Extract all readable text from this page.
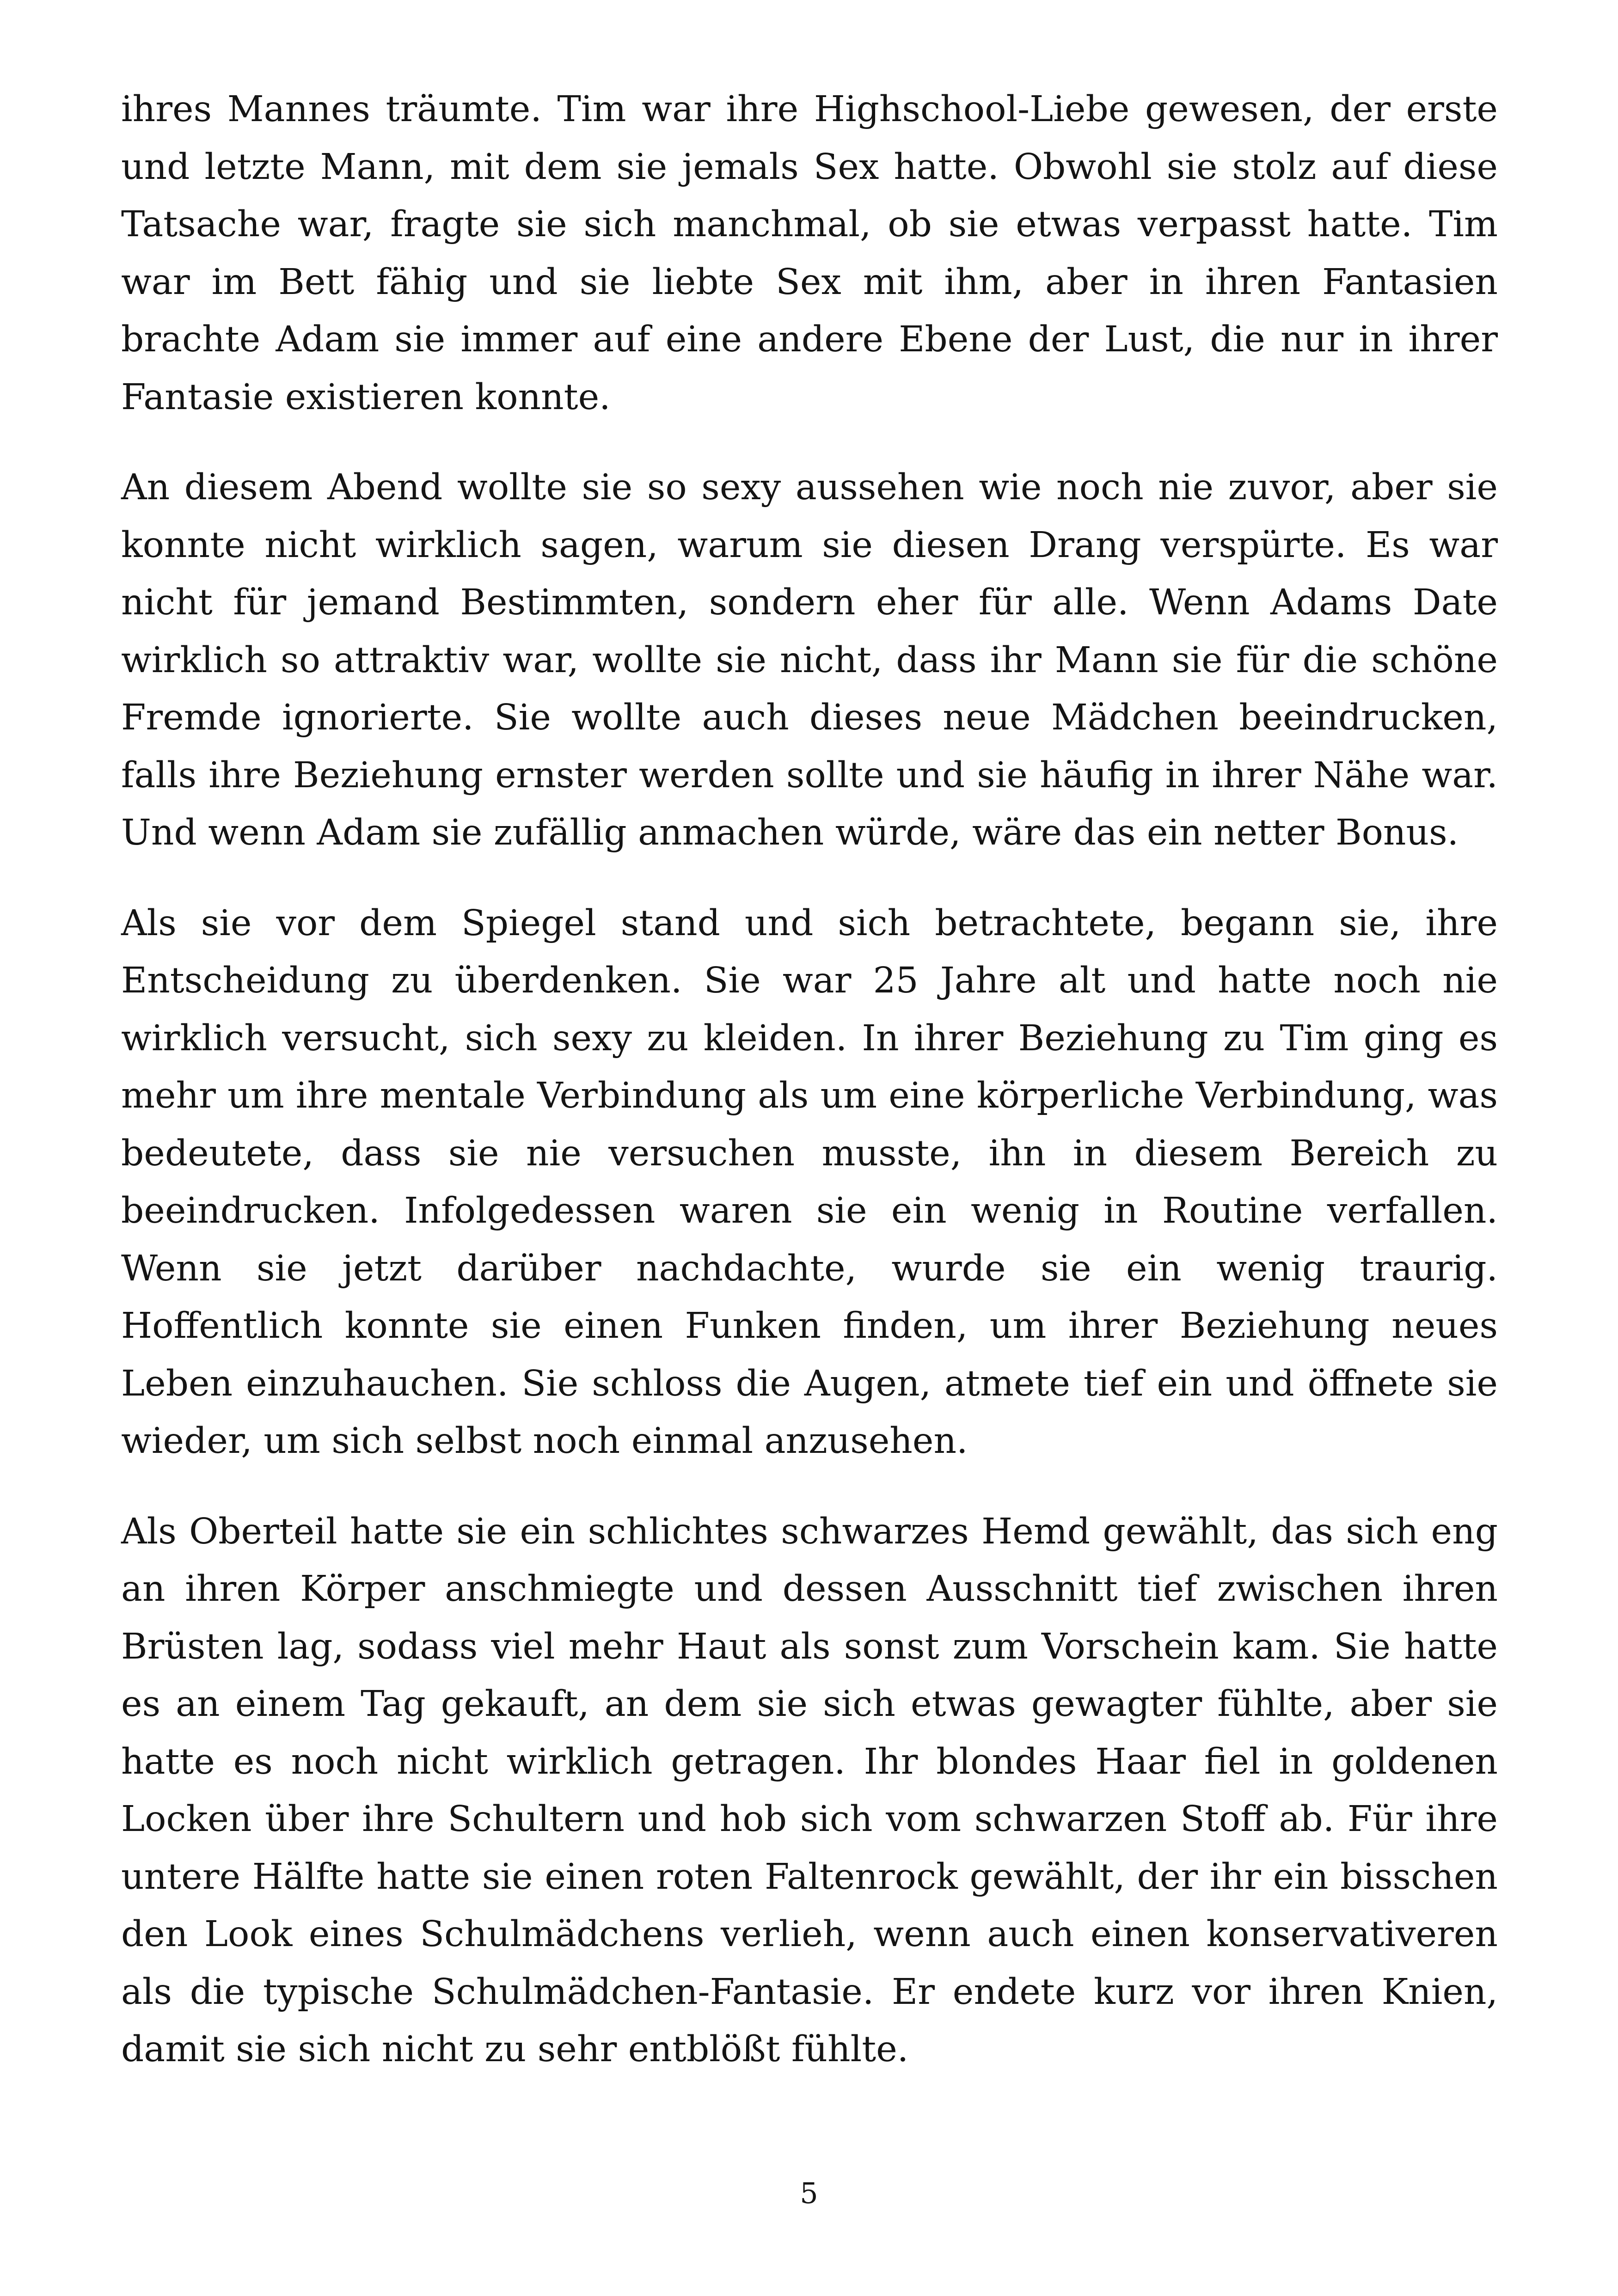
ihres Mannes träumte. Tim war ihre Highschool-Liebe gewesen, der erste und letzte Mann, mit dem sie jemals Sex hatte. Obwohl sie stolz auf diese Tatsache war, fragte sie sich manchmal, ob sie etwas verpasst hatte. Tim war im Bett fähig und sie liebte Sex mit ihm, aber in ihren Fantasien brachte Adam sie immer auf eine andere Ebene der Lust, die nur in ihrer Fantasie existieren konnte.

An diesem Abend wollte sie so sexy aussehen wie noch nie zuvor, aber sie konnte nicht wirklich sagen, warum sie diesen Drang verspürte. Es war nicht für jemand Bestimmten, sondern eher für alle. Wenn Adams Date wirklich so attraktiv war, wollte sie nicht, dass ihr Mann sie für die schöne Fremde ignorierte. Sie wollte auch dieses neue Mädchen beeindrucken, falls ihre Beziehung ernster werden sollte und sie häufig in ihrer Nähe war. Und wenn Adam sie zufällig anmachen würde, wäre das ein netter Bonus.

Als sie vor dem Spiegel stand und sich betrachtete, begann sie, ihre Entscheidung zu überdenken. Sie war 25 Jahre alt und hatte noch nie wirklich versucht, sich sexy zu kleiden. In ihrer Beziehung zu Tim ging es mehr um ihre mentale Verbindung als um eine körperliche Verbindung, was bedeutete, dass sie nie versuchen musste, ihn in diesem Bereich zu beeindrucken. Infolgedessen waren sie ein wenig in Routine verfallen. Wenn sie jetzt darüber nachdachte, wurde sie ein wenig traurig. Hoffentlich konnte sie einen Funken finden, um ihrer Beziehung neues Leben einzuhauchen. Sie schloss die Augen, atmete tief ein und öffnete sie wieder, um sich selbst noch einmal anzusehen.

Als Oberteil hatte sie ein schlichtes schwarzes Hemd gewählt, das sich eng an ihren Körper anschmiegte und dessen Ausschnitt tief zwischen ihren Brüsten lag, sodass viel mehr Haut als sonst zum Vorschein kam. Sie hatte es an einem Tag gekauft, an dem sie sich etwas gewagter fühlte, aber sie hatte es noch nicht wirklich getragen. Ihr blondes Haar fiel in goldenen Locken über ihre Schultern und hob sich vom schwarzen Stoff ab. Für ihre untere Hälfte hatte sie einen roten Faltenrock gewählt, der ihr ein bisschen den Look eines Schulmädchens verlieh, wenn auch einen konservativeren als die typische Schulmädchen-Fantasie. Er endete kurz vor ihren Knien, damit sie sich nicht zu sehr entblößt fühlte.

5
